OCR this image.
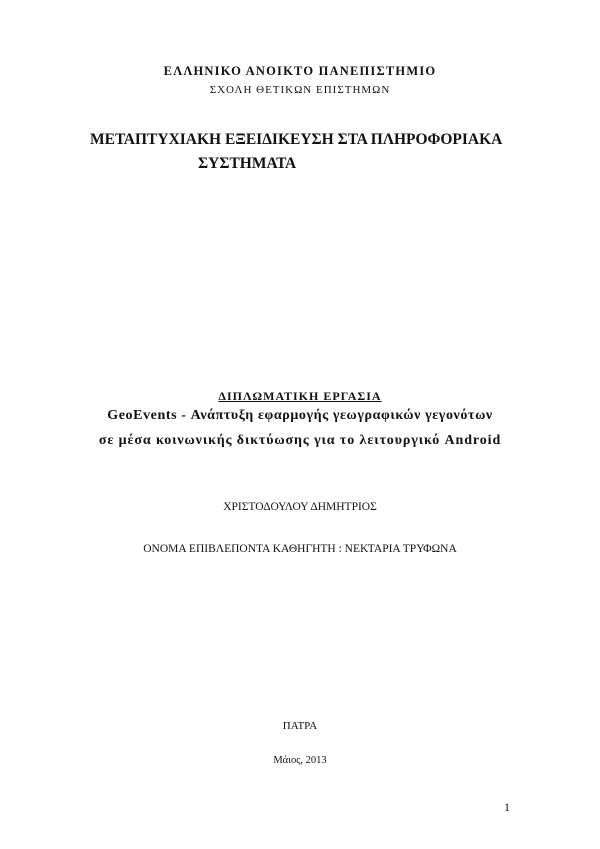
ΕΛΛΗΝΙΚΟ ΑΝΟΙΚΤΟ ΠΑΝΕΠΙΣΤΗΜΙΟ
ΣΧΟΛΗ ΘΕΤΙΚΩΝ ΕΠΙΣΤΗΜΩΝ
ΜΕΤΑΠΤΥΧΙΑΚΗ ΕΞΕΙΔΙΚΕΥΣΗ ΣΤΑ ΠΛΗΡΟΦΟΡΙΑΚΑ
ΣΥΣΤΗΜΑΤΑ
ΔΙΠΛΩΜΑΤΙΚΗ ΕΡΓΑΣΙΑ
GeoEvents - Ανάπτυξη εφαρμογής γεωγραφικών γεγονότων
σε μέσα κοινωνικής δικτύωσης για το λειτουργικό Android
ΧΡΙΣΤΟΔΟΥΛΟΥ ΔΗΜΗΤΡΙΟΣ
ΟΝΟΜΑ ΕΠΙΒΛΕΠΟΝΤΑ ΚΑΘΗΓΗΤΗ : ΝΕΚΤΑΡΙΑ ΤΡΥΦΩΝΑ
ΠΑΤΡΑ
Μάιος, 2013
1
